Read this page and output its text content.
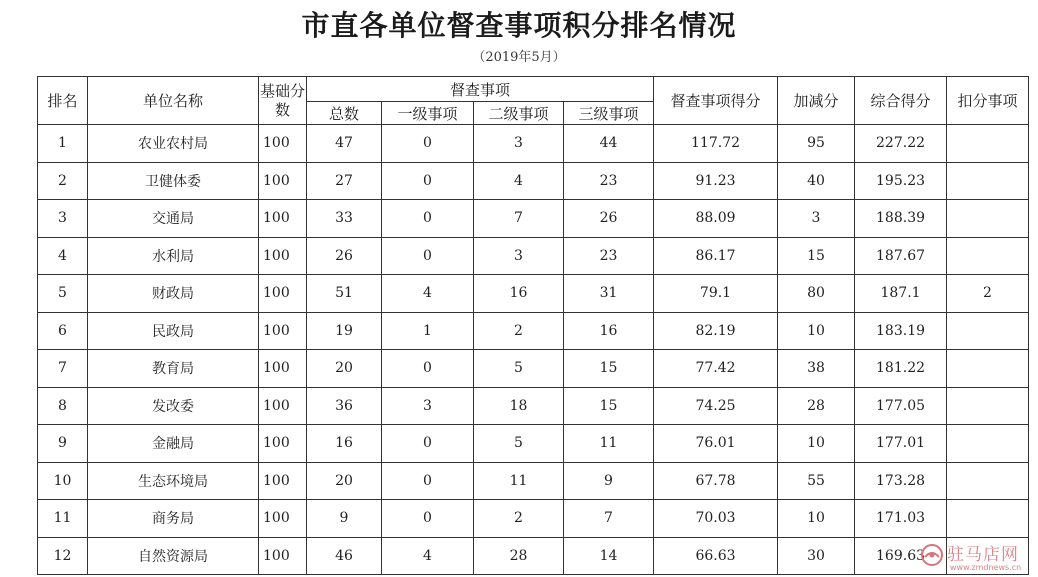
市直各单位督查事项积分排名情况
（2019年5月）
排名	单位名称	基础分数	督查事项				督查事项得分	加减分	综合得分	扣分事项
			总数	一级事项	二级事项	三级事项				
1	农业农村局	100	47	0	3	44	117.72	95	227.22	
2	卫健体委	100	27	0	4	23	91.23	40	195.23	
3	交通局	100	33	0	7	26	88.09	3	188.39	
4	水利局	100	26	0	3	23	86.17	15	187.67	
5	财政局	100	51	4	16	31	79.1	80	187.1	2
6	民政局	100	19	1	2	16	82.19	10	183.19	
7	教育局	100	20	0	5	15	77.42	38	181.22	
8	发改委	100	36	3	18	15	74.25	28	177.05	
9	金融局	100	16	0	5	11	76.01	10	177.01	
10	生态环境局	100	20	0	11	9	67.78	55	173.28	
11	商务局	100	9	0	2	7	70.03	10	171.03	
12	自然资源局	100	46	4	28	14	66.63	30	169.63	驻马店网
www.zmdnews.cn
